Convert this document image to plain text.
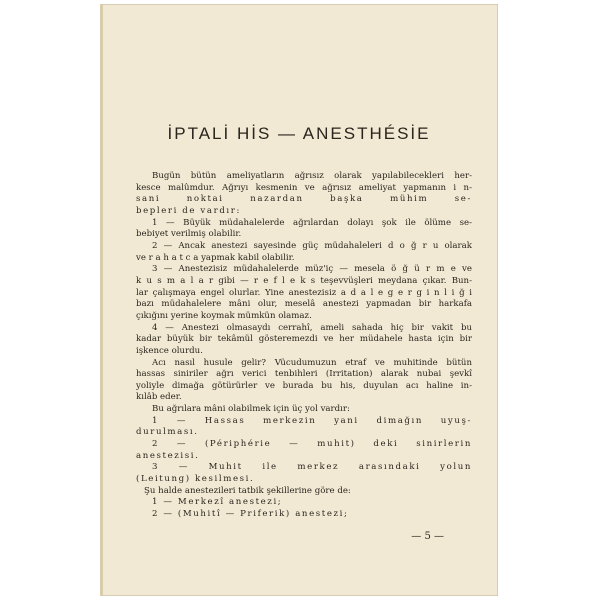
İPTALİ HİS — ANESTHÉSİE
Bugün bütün ameliyatların ağrısız olarak yapılabilecekleri her-
kesce malûmdur. Ağrıyı kesmenin ve ağrısız ameliyat yapmanın i n-
sani noktai nazardan başka mühim se-
bepleri de vardır:
1 — Büyük müdahalelerde ağrılardan dolayı şok ile ölüme se-
bebiyet verilmiş olabilir.
2 — Ancak anestezi sayesinde güç müdahaleleri d o ğ r u olarak
ve r a h a t c a yapmak kabil olabilir.
3 — Anestezisiz müdahalelerde müz'iç — mesela ö ğ ü r m e ve
k u s m a l a r gibi — r e f l e k s teşevvüşleri meydana çıkar. Bun-
lar çalışmaya engel olurlar. Yine anestezisiz a d a l e g e r g i n l i ğ i
bazı müdahalelere mâni olur, meselâ anestezi yapmadan bir harkafa
çıkığını yerine koymak mümkün olamaz.
4 — Anestezi olmasaydı cerrahî, ameli sahada hiç bir vakit bu
kadar büyük bir tekâmül gösteremezdi ve her müdahele hasta için bir
işkence olurdu.
Acı nasıl husule gelir? Vücudumuzun etraf ve muhitinde bütün
hassas siniriler ağrı verici tenbihleri (İrritation) alarak nubai şevkî
yoliyle dimağa götürürler ve burada bu his, duyulan acı haline in-
kılâb eder.
Bu ağrılara mâni olabilmek için üç yol vardır:
1 — Hassas merkezin yani dimağın uyuş-
durulması.
2 — (Périphérie — muhit) deki sinirlerin
anestezisi.
3 — Muhit ile merkez arasındaki yolun
(Leitung) kesilmesi.
Şu halde anestezileri tatbik şekillerine göre de:
1 — Merkezî anestezi;
2 — (Muhitî — Priferik) anestezi;
— 5 —
